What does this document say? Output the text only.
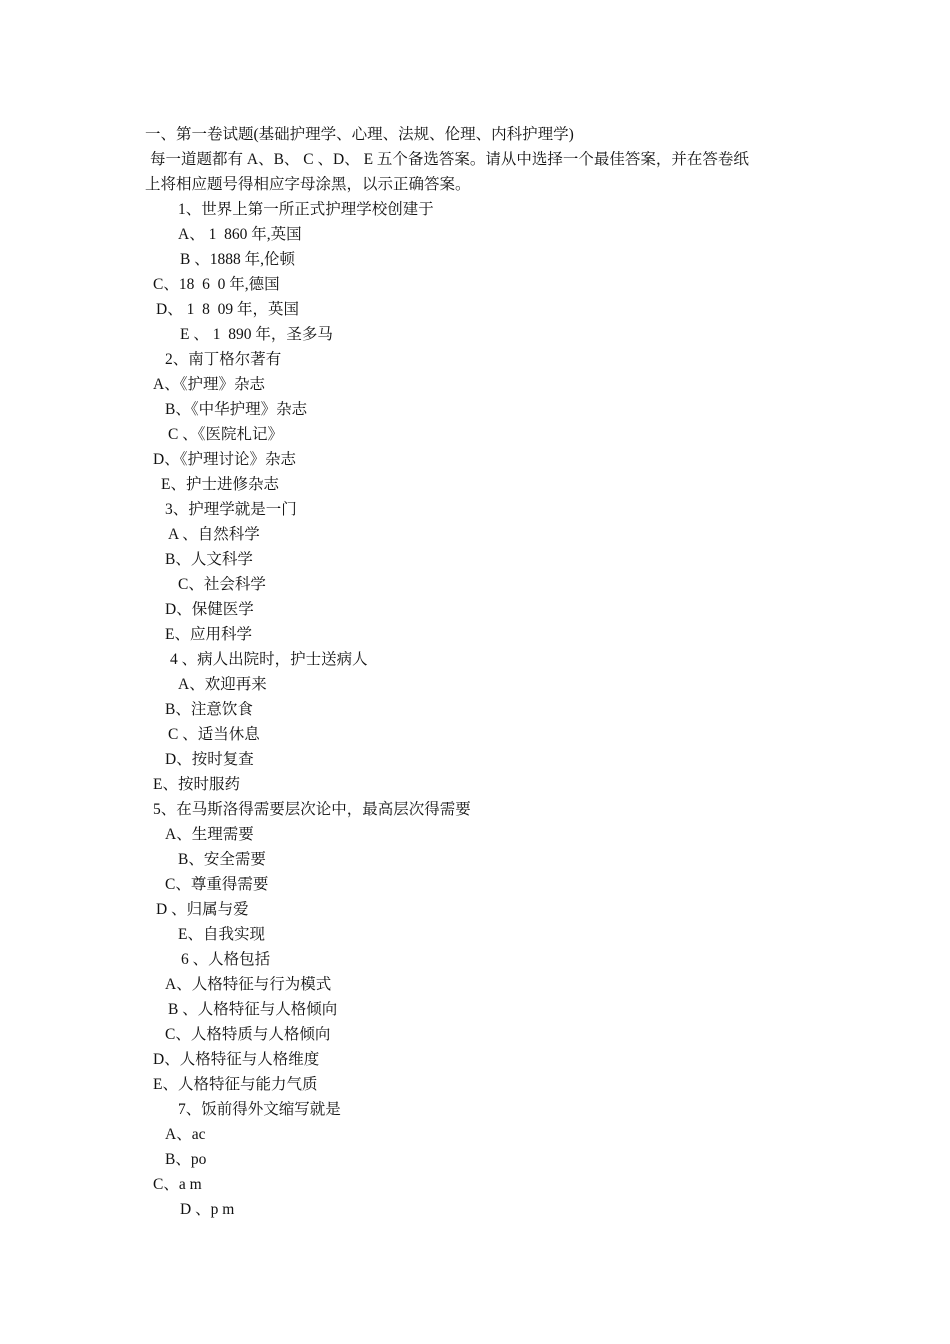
一、第一卷试题(基础护理学、心理、法规、伦理、内科护理学)
每一道题都有 A、B、 C 、D、 E 五个备选答案。请从中选择一个最佳答案，并在答卷纸
上将相应题号得相应字母涂黑，以示正确答案。
1、世界上第一所正式护理学校创建于
A、 1  860 年,英国
B 、1888 年,伦顿
C、18  6  0 年,德国
D、 1  8  09 年，英国
E 、 1  890 年，圣多马
2、南丁格尔著有
A、《护理》杂志
B、《中华护理》杂志
C 、《医院札记》
D、《护理讨论》杂志
E、护士进修杂志
3、护理学就是一门
A 、自然科学
B、人文科学
C、社会科学
D、保健医学
E、应用科学
4 、病人出院时，护士送病人
A、欢迎再来
B、注意饮食
C 、适当休息
D、按时复查
E、按时服药
5、在马斯洛得需要层次论中，最高层次得需要
A、生理需要
B、安全需要
C、尊重得需要
D 、归属与爱
E、自我实现
6 、人格包括
A、人格特征与行为模式
B 、人格特征与人格倾向
C、人格特质与人格倾向
D、人格特征与人格维度
E、人格特征与能力气质
7、饭前得外文缩写就是
A、ac
B、po
C、a m
D 、p m
